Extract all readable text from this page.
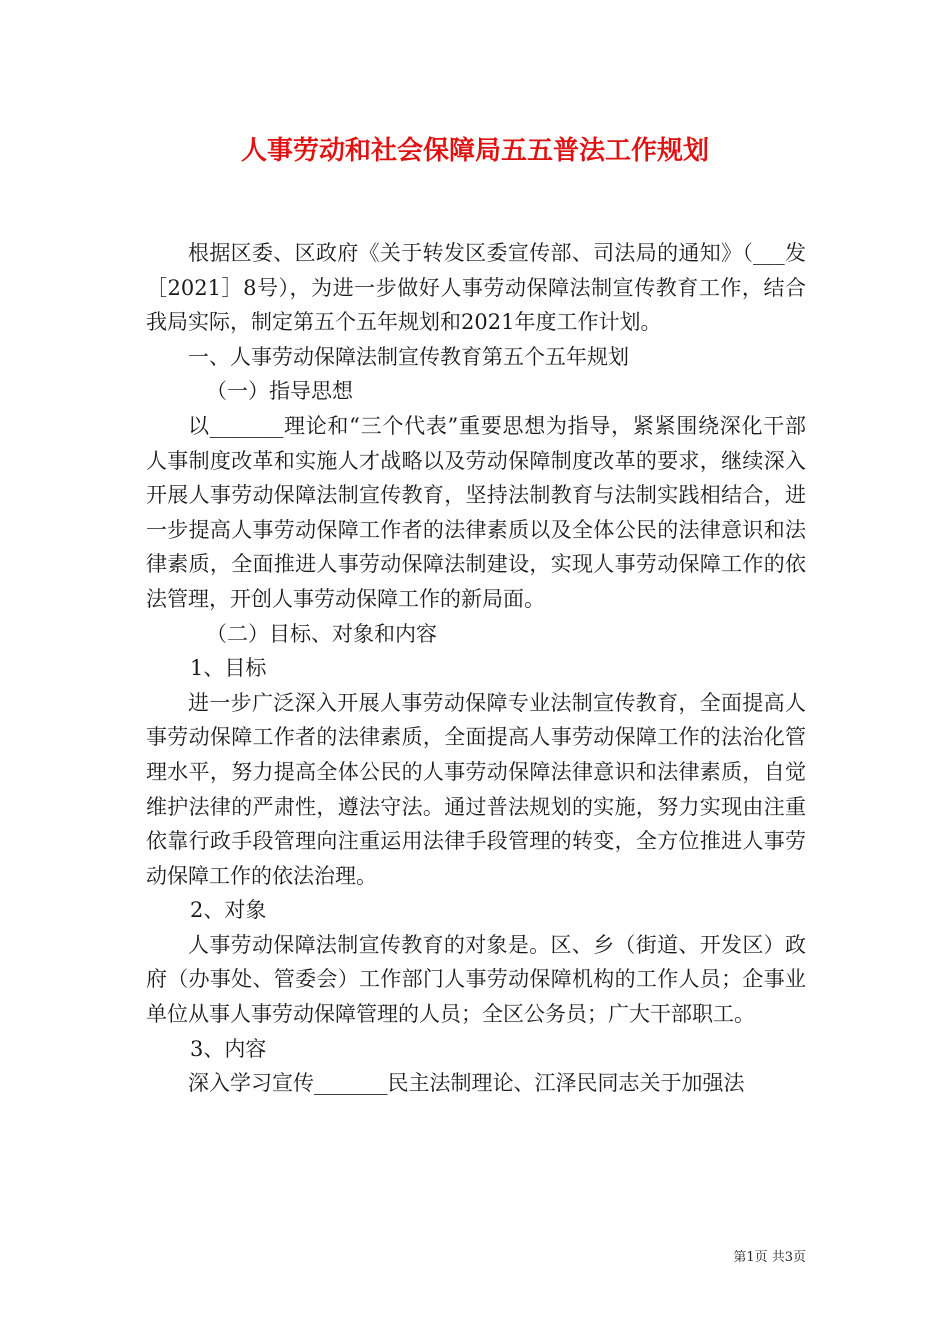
人事劳动和社会保障局五五普法工作规划

根据区委、区政府《关于转发区委宣传部、司法局的通知》（___发［2021］8号），为进一步做好人事劳动保障法制宣传教育工作，结合我局实际，制定第五个五年规划和2021年度工作计划。

一、人事劳动保障法制宣传教育第五个五年规划

（一）指导思想

以_______理论和“三个代表”重要思想为指导，紧紧围绕深化干部人事制度改革和实施人才战略以及劳动保障制度改革的要求，继续深入开展人事劳动保障法制宣传教育，坚持法制教育与法制实践相结合，进一步提高人事劳动保障工作者的法律素质以及全体公民的法律意识和法律素质，全面推进人事劳动保障法制建设，实现人事劳动保障工作的依法管理，开创人事劳动保障工作的新局面。

（二）目标、对象和内容

1、目标

进一步广泛深入开展人事劳动保障专业法制宣传教育，全面提高人事劳动保障工作者的法律素质，全面提高人事劳动保障工作的法治化管理水平，努力提高全体公民的人事劳动保障法律意识和法律素质，自觉维护法律的严肃性，遵法守法。通过普法规划的实施，努力实现由注重依靠行政手段管理向注重运用法律手段管理的转变，全方位推进人事劳动保障工作的依法治理。

2、对象

人事劳动保障法制宣传教育的对象是。区、乡（街道、开发区）政府（办事处、管委会）工作部门人事劳动保障机构的工作人员；企事业单位从事人事劳动保障管理的人员；全区公务员；广大干部职工。

3、内容

深入学习宣传_______民主法制理论、江泽民同志关于加强法

第1页 共3页
